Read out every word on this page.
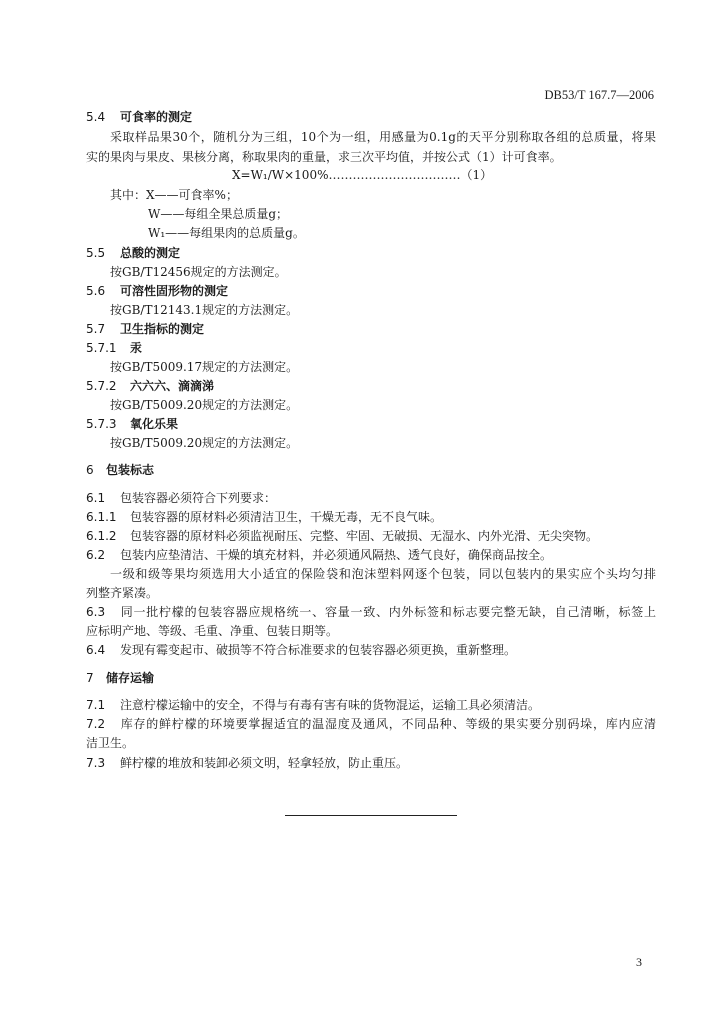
DB53/T 167.7—2006
5.4 可食率的测定
采取样品果30个，随机分为三组，10个为一组，用感量为0.1g的天平分别称取各组的总质量，将果
实的果肉与果皮、果核分离，称取果肉的重量，求三次平均值，并按公式（1）计可食率。
X=W₁/W×100%……………………………（1）
其中：X——可食率%；
W——每组全果总质量g；
W₁——每组果肉的总质量g。
5.5 总酸的测定
按GB/T12456规定的方法测定。
5.6 可溶性固形物的测定
按GB/T12143.1规定的方法测定。
5.7 卫生指标的测定
5.7.1 汞
按GB/T5009.17规定的方法测定。
5.7.2 六六六、滴滴涕
按GB/T5009.20规定的方法测定。
5.7.3 氧化乐果
按GB/T5009.20规定的方法测定。
6 包装标志
6.1 包装容器必须符合下列要求：
6.1.1 包装容器的原材料必须清洁卫生，干燥无毒，无不良气味。
6.1.2 包装容器的原材料必须监视耐压、完整、牢固、无破损、无湿水、内外光滑、无尖突物。
6.2 包装内应垫清洁、干燥的填充材料，并必须通风隔热、透气良好，确保商品按全。
一级和级等果均须选用大小适宜的保险袋和泡沫塑料网逐个包装，同以包装内的果实应个头均匀排
列整齐紧凑。
6.3 同一批柠檬的包装容器应规格统一、容量一致、内外标签和标志要完整无缺，自己清晰，标签上
应标明产地、等级、毛重、净重、包装日期等。
6.4 发现有霉变起市、破损等不符合标准要求的包装容器必须更换，重新整理。
7 储存运输
7.1 注意柠檬运输中的安全，不得与有毒有害有味的货物混运，运输工具必须清洁。
7.2 库存的鲜柠檬的环境要掌握适宜的温湿度及通风，不同品种、等级的果实要分别码垛，库内应清
洁卫生。
7.3 鲜柠檬的堆放和装卸必须文明，轻拿轻放，防止重压。
3
